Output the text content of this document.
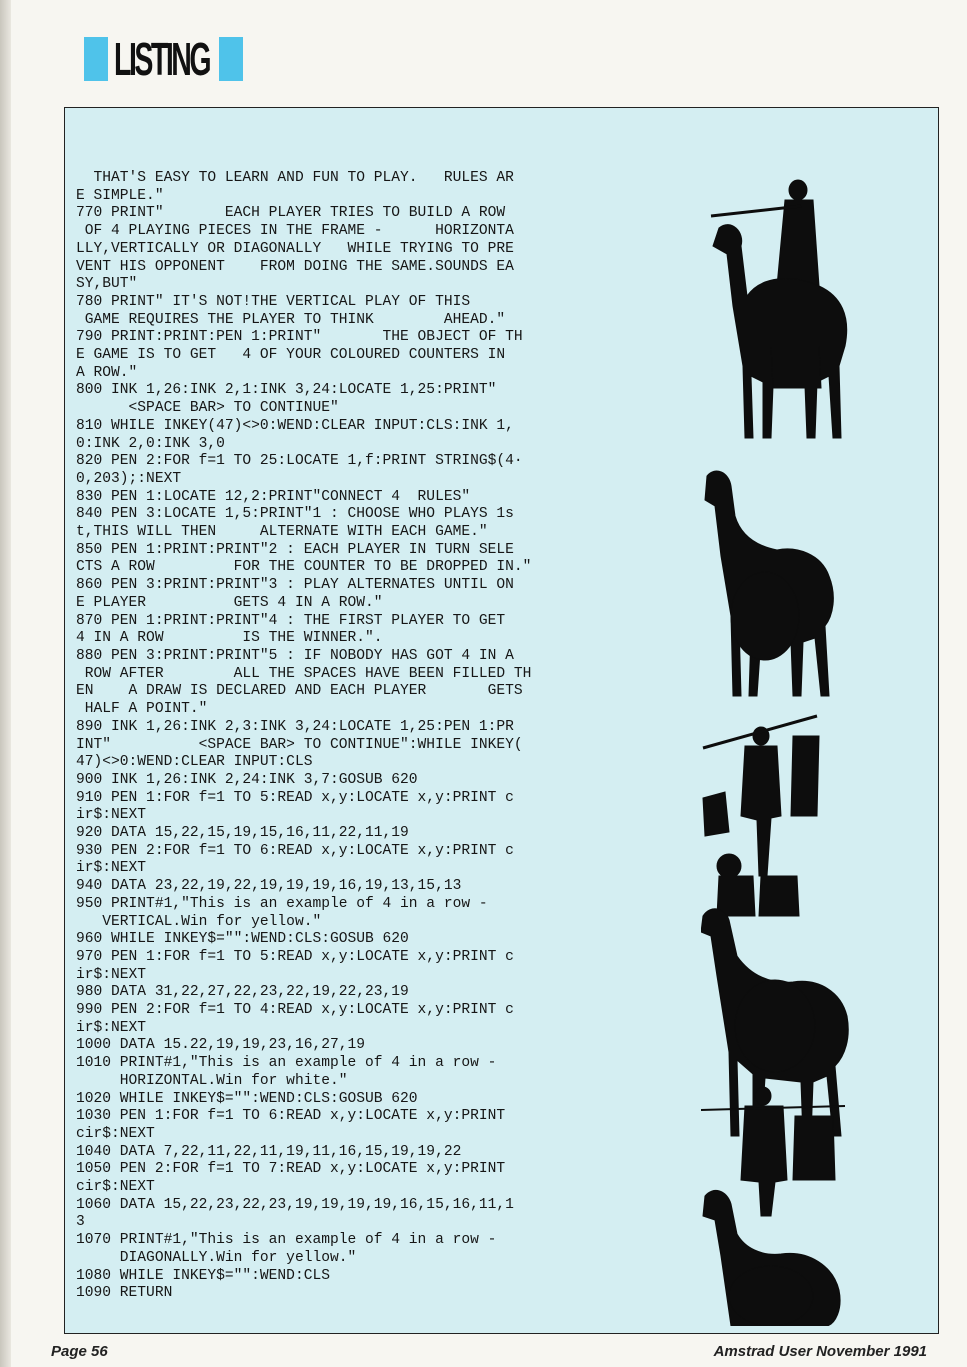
LISTING
THAT'S EASY TO LEARN AND FUN TO PLAY.   RULES AR
E SIMPLE."
770 PRINT"       EACH PLAYER TRIES TO BUILD A ROW
OF 4 PLAYING PIECES IN THE FRAME -      HORIZONTA
LLY,VERTICALLY OR DIAGONALLY   WHILE TRYING TO PRE
VENT HIS OPPONENT    FROM DOING THE SAME.SOUNDS EA
SY,BUT"
780 PRINT" IT'S NOT!THE VERTICAL PLAY OF THIS
GAME REQUIRES THE PLAYER TO THINK        AHEAD."
790 PRINT:PRINT:PEN 1:PRINT"       THE OBJECT OF TH
E GAME IS TO GET   4 OF YOUR COLOURED COUNTERS IN
A ROW."
800 INK 1,26:INK 2,1:INK 3,24:LOCATE 1,25:PRINT"
<SPACE BAR> TO CONTINUE"
810 WHILE INKEY(47)<>0:WEND:CLEAR INPUT:CLS:INK 1,
0:INK 2,0:INK 3,0
820 PEN 2:FOR f=1 TO 25:LOCATE 1,f:PRINT STRING$(4·
0,203);:NEXT
830 PEN 1:LOCATE 12,2:PRINT"CONNECT 4  RULES"
840 PEN 3:LOCATE 1,5:PRINT"1 : CHOOSE WHO PLAYS 1s
t,THIS WILL THEN     ALTERNATE WITH EACH GAME."
850 PEN 1:PRINT:PRINT"2 : EACH PLAYER IN TURN SELE
CTS A ROW         FOR THE COUNTER TO BE DROPPED IN."
860 PEN 3:PRINT:PRINT"3 : PLAY ALTERNATES UNTIL ON
E PLAYER          GETS 4 IN A ROW."
870 PEN 1:PRINT:PRINT"4 : THE FIRST PLAYER TO GET
4 IN A ROW         IS THE WINNER.".
880 PEN 3:PRINT:PRINT"5 : IF NOBODY HAS GOT 4 IN A
ROW AFTER        ALL THE SPACES HAVE BEEN FILLED TH
EN    A DRAW IS DECLARED AND EACH PLAYER       GETS
HALF A POINT."
890 INK 1,26:INK 2,3:INK 3,24:LOCATE 1,25:PEN 1:PR
INT"          <SPACE BAR> TO CONTINUE":WHILE INKEY(
47)<>0:WEND:CLEAR INPUT:CLS
900 INK 1,26:INK 2,24:INK 3,7:GOSUB 620
910 PEN 1:FOR f=1 TO 5:READ x,y:LOCATE x,y:PRINT c
ir$:NEXT
920 DATA 15,22,15,19,15,16,11,22,11,19
930 PEN 2:FOR f=1 TO 6:READ x,y:LOCATE x,y:PRINT c
ir$:NEXT
940 DATA 23,22,19,22,19,19,19,16,19,13,15,13
950 PRINT#1,"This is an example of 4 in a row -
VERTICAL.Win for yellow."
960 WHILE INKEY$="":WEND:CLS:GOSUB 620
970 PEN 1:FOR f=1 TO 5:READ x,y:LOCATE x,y:PRINT c
ir$:NEXT
980 DATA 31,22,27,22,23,22,19,22,23,19
990 PEN 2:FOR f=1 TO 4:READ x,y:LOCATE x,y:PRINT c
ir$:NEXT
1000 DATA 15.22,19,19,23,16,27,19
1010 PRINT#1,"This is an example of 4 in a row -
HORIZONTAL.Win for white."
1020 WHILE INKEY$="":WEND:CLS:GOSUB 620
1030 PEN 1:FOR f=1 TO 6:READ x,y:LOCATE x,y:PRINT
cir$:NEXT
1040 DATA 7,22,11,22,11,19,11,16,15,19,19,22
1050 PEN 2:FOR f=1 TO 7:READ x,y:LOCATE x,y:PRINT
cir$:NEXT
1060 DATA 15,22,23,22,23,19,19,19,19,16,15,16,11,1
3
1070 PRINT#1,"This is an example of 4 in a row -
DIAGONALLY.Win for yellow."
1080 WHILE INKEY$="":WEND:CLS
1090 RETURN
Page 56	Amstrad User November 1991
